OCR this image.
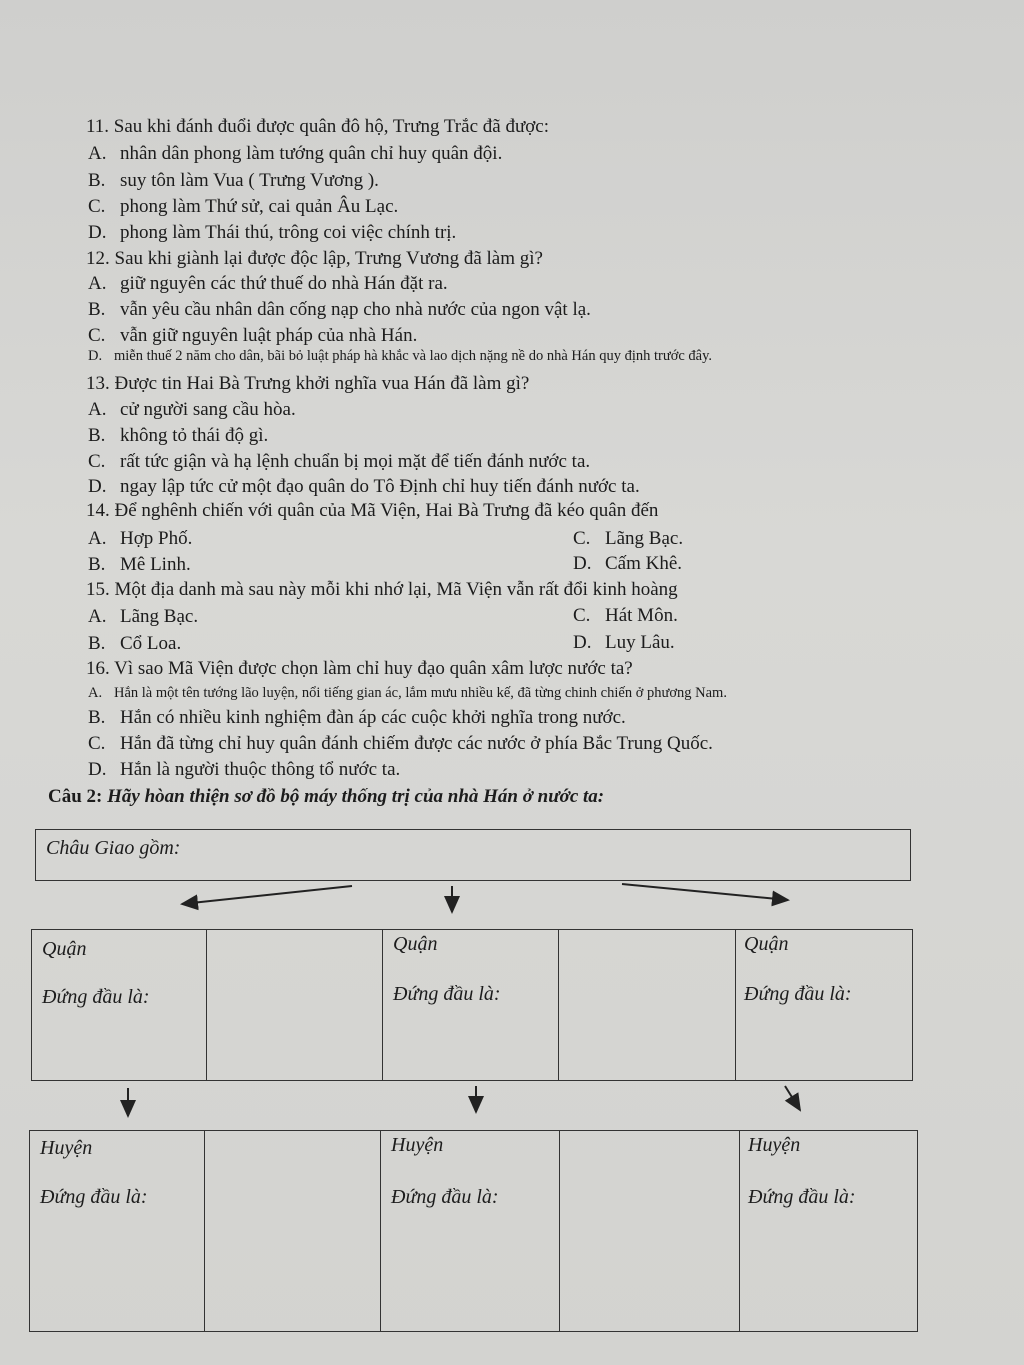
11. Sau khi đánh đuổi được quân đô hộ, Trưng Trắc đã được:
A. nhân dân phong làm tướng quân chỉ huy quân đội.
B. suy tôn làm Vua ( Trưng Vương ).
C. phong làm Thứ sử, cai quản Âu Lạc.
D. phong làm Thái thú, trông coi việc chính trị.
12. Sau khi giành lại được độc lập, Trưng Vương đã làm gì?
A. giữ nguyên các thứ thuế do nhà Hán đặt ra.
B. vẫn yêu cầu nhân dân cống nạp cho nhà nước của ngon vật lạ.
C. vẫn giữ nguyên luật pháp của nhà Hán.
D. miễn thuế 2 năm cho dân, bãi bỏ luật pháp hà khắc và lao dịch nặng nề do nhà Hán quy định trước đây.
13. Được tin Hai Bà Trưng khởi nghĩa vua Hán đã làm gì?
A. cử người sang cầu hòa.
B. không tỏ thái độ gì.
C. rất tức giận và hạ lệnh chuẩn bị mọi mặt để tiến đánh nước ta.
D. ngay lập tức cử một đạo quân do Tô Định chỉ huy tiến đánh nước ta.
14. Để nghênh chiến với quân của Mã Viện, Hai Bà Trưng đã kéo quân đến
A. Hợp Phố.	C. Lãng Bạc.
B. Mê Linh.	D. Cấm Khê.
15. Một địa danh mà sau này mỗi khi nhớ lại, Mã Viện vẫn rất đổi kinh hoàng
A. Lãng Bạc.	C. Hát Môn.
B. Cổ Loa.	D. Luy Lâu.
16. Vì sao Mã Viện được chọn làm chỉ huy đạo quân xâm lược nước ta?
A. Hắn là một tên tướng lão luyện, nổi tiếng gian ác, lắm mưu nhiều kế, đã từng chinh chiến ở phương Nam.
B. Hắn có nhiều kinh nghiệm đàn áp các cuộc khởi nghĩa trong nước.
C. Hắn đã từng chỉ huy quân đánh chiếm được các nước ở phía Bắc Trung Quốc.
D. Hắn là người thuộc thông tổ nước ta.
Câu 2: Hãy hòan thiện sơ đồ bộ máy thống trị của nhà Hán ở nước ta:
Châu Giao gồm:
Quận
Đứng đầu là:
Quận
Đứng đầu là:
Quận
Đứng đầu là:
Huyện
Đứng đầu là:
Huyện
Đứng đầu là:
Huyện
Đứng đầu là:
